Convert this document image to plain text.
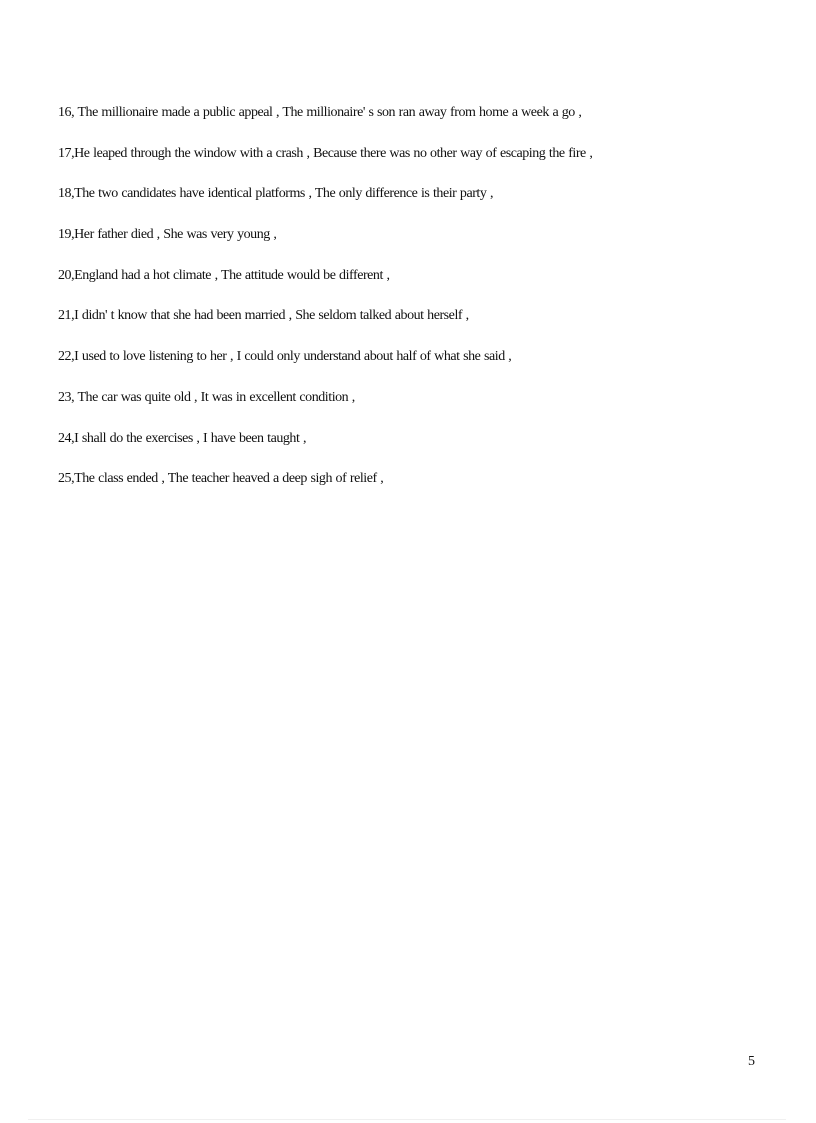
16, The millionaire made a public appeal , The millionaire' s son ran away from home a week a go ,
17,He leaped through the window with a crash , Because there was no other way of escaping the fire ,
18,The two candidates have identical platforms , The only difference is their party ,
19,Her father died , She was very young ,
20,England had a hot climate , The attitude would be different ,
21,I didn' t know that she had been married , She seldom talked about herself ,
22,I used to love listening to her , I could only understand about half of what she said ,
23, The car was quite old , It was in excellent condition ,
24,I shall do the exercises , I have been taught ,
25,The class ended , The teacher heaved a deep sigh of relief ,
5
